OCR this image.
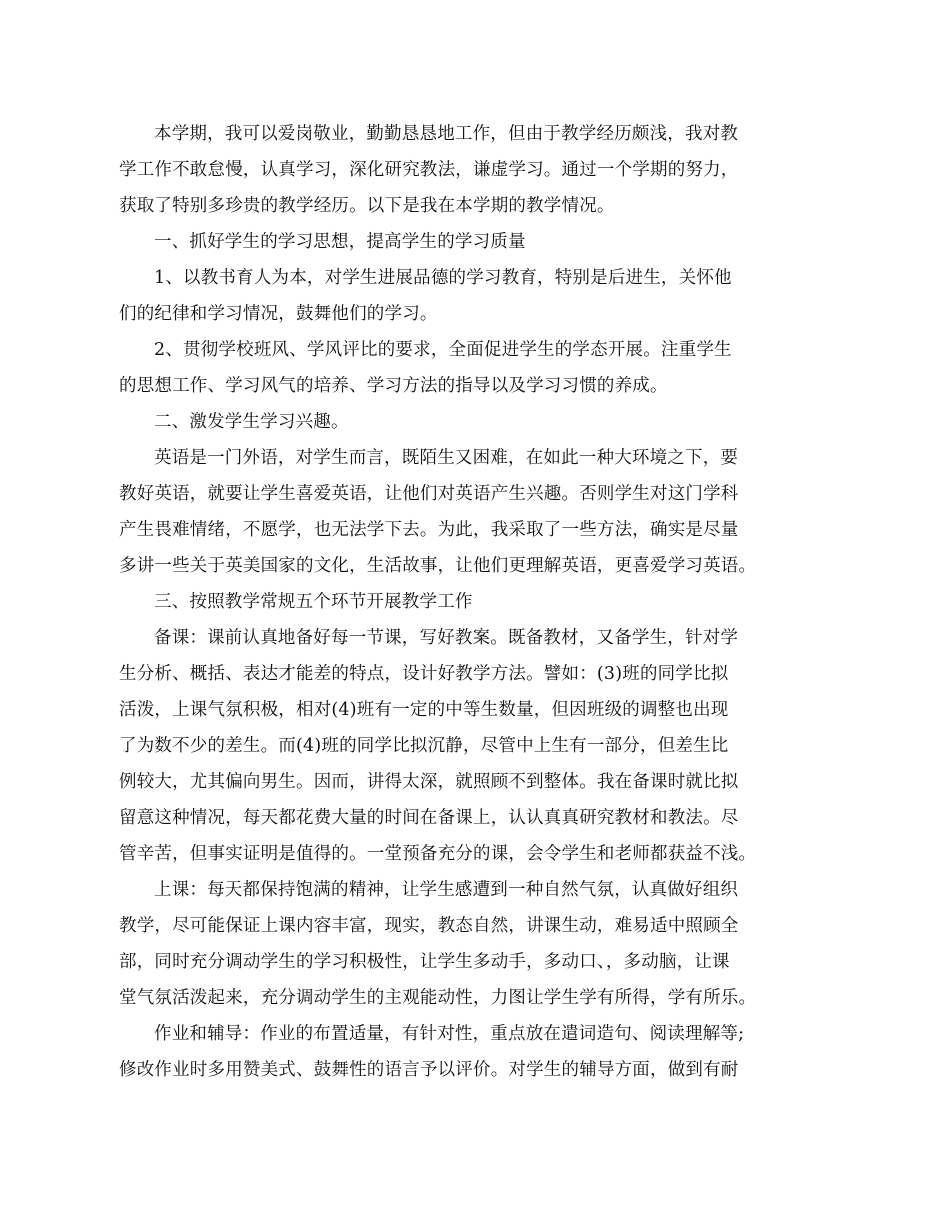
本学期，我可以爱岗敬业，勤勤恳恳地工作，但由于教学经历颇浅，我对教
学工作不敢怠慢，认真学习，深化研究教法，谦虚学习。通过一个学期的努力，
获取了特别多珍贵的教学经历。以下是我在本学期的教学情况。
一、抓好学生的学习思想，提高学生的学习质量
1、以教书育人为本，对学生进展品德的学习教育，特别是后进生，关怀他
们的纪律和学习情况，鼓舞他们的学习。
2、贯彻学校班风、学风评比的要求，全面促进学生的学态开展。注重学生
的思想工作、学习风气的培养、学习方法的指导以及学习习惯的养成。
二、激发学生学习兴趣。
英语是一门外语，对学生而言，既陌生又困难，在如此一种大环境之下，要
教好英语，就要让学生喜爱英语，让他们对英语产生兴趣。否则学生对这门学科
产生畏难情绪，不愿学，也无法学下去。为此，我采取了一些方法，确实是尽量
多讲一些关于英美国家的文化，生活故事，让他们更理解英语，更喜爱学习英语。
三、按照教学常规五个环节开展教学工作
备课：课前认真地备好每一节课，写好教案。既备教材，又备学生，针对学
生分析、概括、表达才能差的特点，设计好教学方法。譬如：(3)班的同学比拟
活泼，上课气氛积极，相对(4)班有一定的中等生数量，但因班级的调整也出现
了为数不少的差生。而(4)班的同学比拟沉静，尽管中上生有一部分，但差生比
例较大，尤其偏向男生。因而，讲得太深，就照顾不到整体。我在备课时就比拟
留意这种情况，每天都花费大量的时间在备课上，认认真真研究教材和教法。尽
管辛苦，但事实证明是值得的。一堂预备充分的课，会令学生和老师都获益不浅。
上课：每天都保持饱满的精神，让学生感遭到一种自然气氛，认真做好组织
教学，尽可能保证上课内容丰富，现实，教态自然，讲课生动，难易适中照顾全
部，同时充分调动学生的学习积极性，让学生多动手，多动口、，多动脑，让课
堂气氛活泼起来，充分调动学生的主观能动性，力图让学生学有所得，学有所乐。
作业和辅导：作业的布置适量，有针对性，重点放在遣词造句、阅读理解等;
修改作业时多用赞美式、鼓舞性的语言予以评价。对学生的辅导方面，做到有耐
